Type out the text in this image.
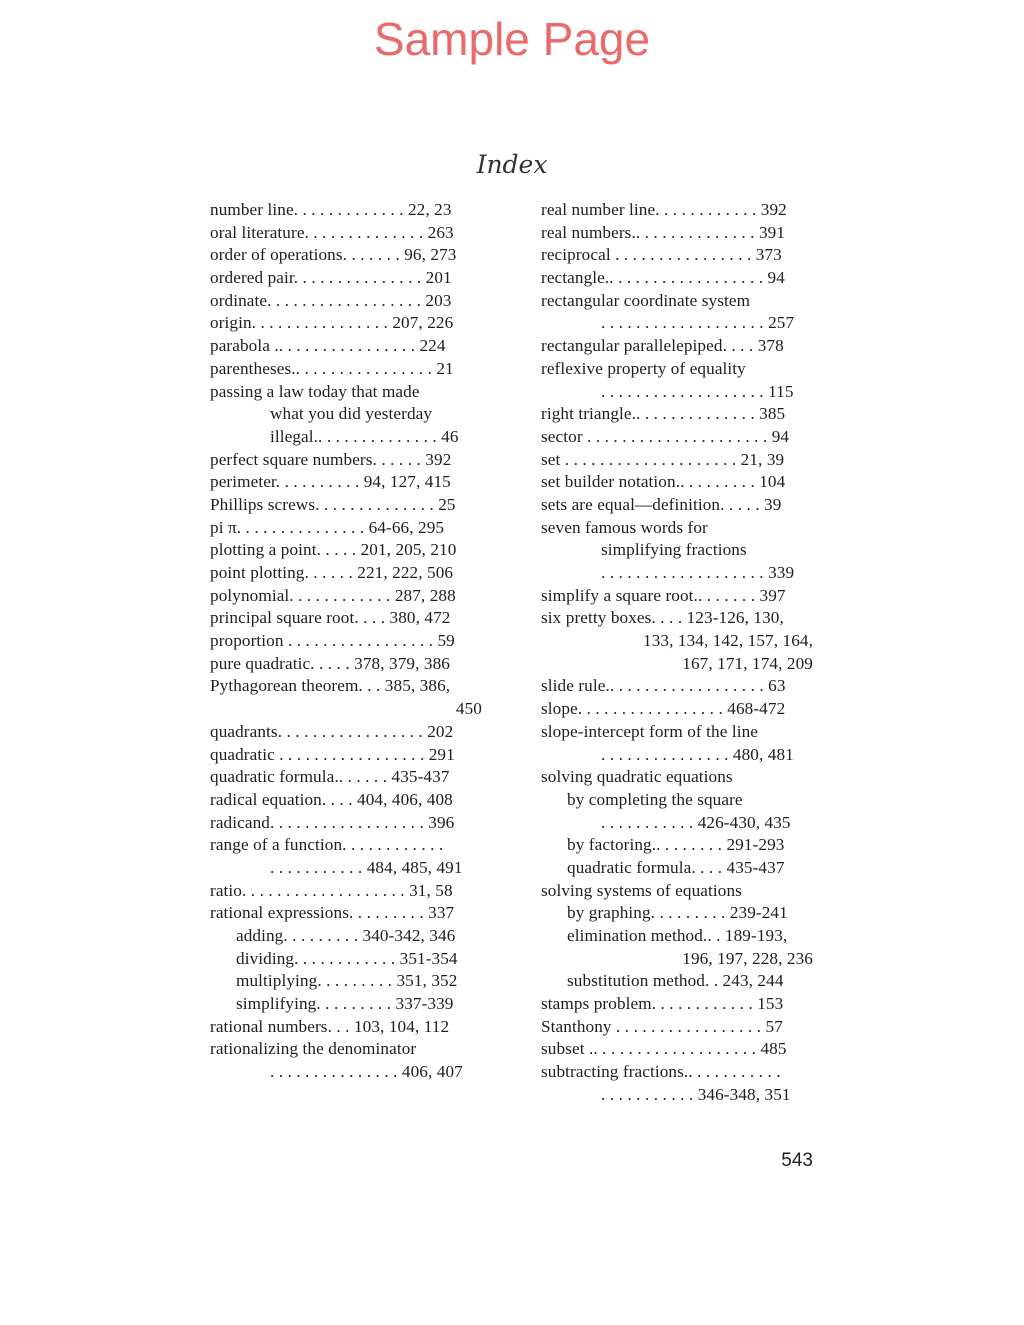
Sample Page
Index
number line. . . . . . . . . . . . . 22, 23
oral literature. . . . . . . . . . . . . . 263
order of operations. . . . . . . 96, 273
ordered pair. . . . . . . . . . . . . . . 201
ordinate. . . . . . . . . . . . . . . . . . 203
origin. . . . . . . . . . . . . . . . 207, 226
parabola .. . . . . . . . . . . . . . . . 224
parentheses.. . . . . . . . . . . . . . . . 21
passing a law today that made
what you did yesterday
illegal.. . . . . . . . . . . . . . 46
perfect square numbers. . . . . . 392
perimeter. . . . . . . . . . 94, 127, 415
Phillips screws. . . . . . . . . . . . . . 25
pi π. . . . . . . . . . . . . . . 64-66, 295
plotting a point. . . . . 201, 205, 210
point plotting. . . . . . 221, 222, 506
polynomial. . . . . . . . . . . . 287, 288
principal square root. . . . 380, 472
proportion . . . . . . . . . . . . . . . . . 59
pure quadratic. . . . . 378, 379, 386
Pythagorean theorem. . . 385, 386,
450
quadrants. . . . . . . . . . . . . . . . . 202
quadratic . . . . . . . . . . . . . . . . . 291
quadratic formula.. . . . . . 435-437
radical equation. . . . 404, 406, 408
radicand. . . . . . . . . . . . . . . . . . 396
range of a function. . . . . . . . . . . .
. . . . . . . . . . . 484, 485, 491
ratio. . . . . . . . . . . . . . . . . . . 31, 58
rational expressions. . . . . . . . . 337
adding. . . . . . . . . 340-342, 346
dividing. . . . . . . . . . . . 351-354
multiplying. . . . . . . . . 351, 352
simplifying. . . . . . . . . 337-339
rational numbers. . . 103, 104, 112
rationalizing the denominator
. . . . . . . . . . . . . . . 406, 407
real number line. . . . . . . . . . . . 392
real numbers.. . . . . . . . . . . . . . 391
reciprocal . . . . . . . . . . . . . . . . 373
rectangle.. . . . . . . . . . . . . . . . . . 94
rectangular coordinate system
. . . . . . . . . . . . . . . . . . . 257
rectangular parallelepiped. . . . 378
reflexive property of equality
. . . . . . . . . . . . . . . . . . . 115
right triangle.. . . . . . . . . . . . . . 385
sector . . . . . . . . . . . . . . . . . . . . . 94
set . . . . . . . . . . . . . . . . . . . . 21, 39
set builder notation.. . . . . . . . . 104
sets are equal—definition. . . . . 39
seven famous words for
simplifying fractions
. . . . . . . . . . . . . . . . . . . 339
simplify a square root.. . . . . . . 397
six pretty boxes. . . . 123-126, 130,
133, 134, 142, 157, 164,
167, 171, 174, 209
slide rule.. . . . . . . . . . . . . . . . . . 63
slope. . . . . . . . . . . . . . . . . 468-472
slope-intercept form of the line
. . . . . . . . . . . . . . . 480, 481
solving quadratic equations
by completing the square
. . . . . . . . . . . 426-430, 435
by factoring.. . . . . . . . 291-293
quadratic formula. . . . 435-437
solving systems of equations
by graphing. . . . . . . . . 239-241
elimination method.. . 189-193,
196, 197, 228, 236
substitution method. . 243, 244
stamps problem. . . . . . . . . . . . 153
Stanthony . . . . . . . . . . . . . . . . . 57
subset .. . . . . . . . . . . . . . . . . . . 485
subtracting fractions.. . . . . . . . . . .
. . . . . . . . . . . 346-348, 351
543
